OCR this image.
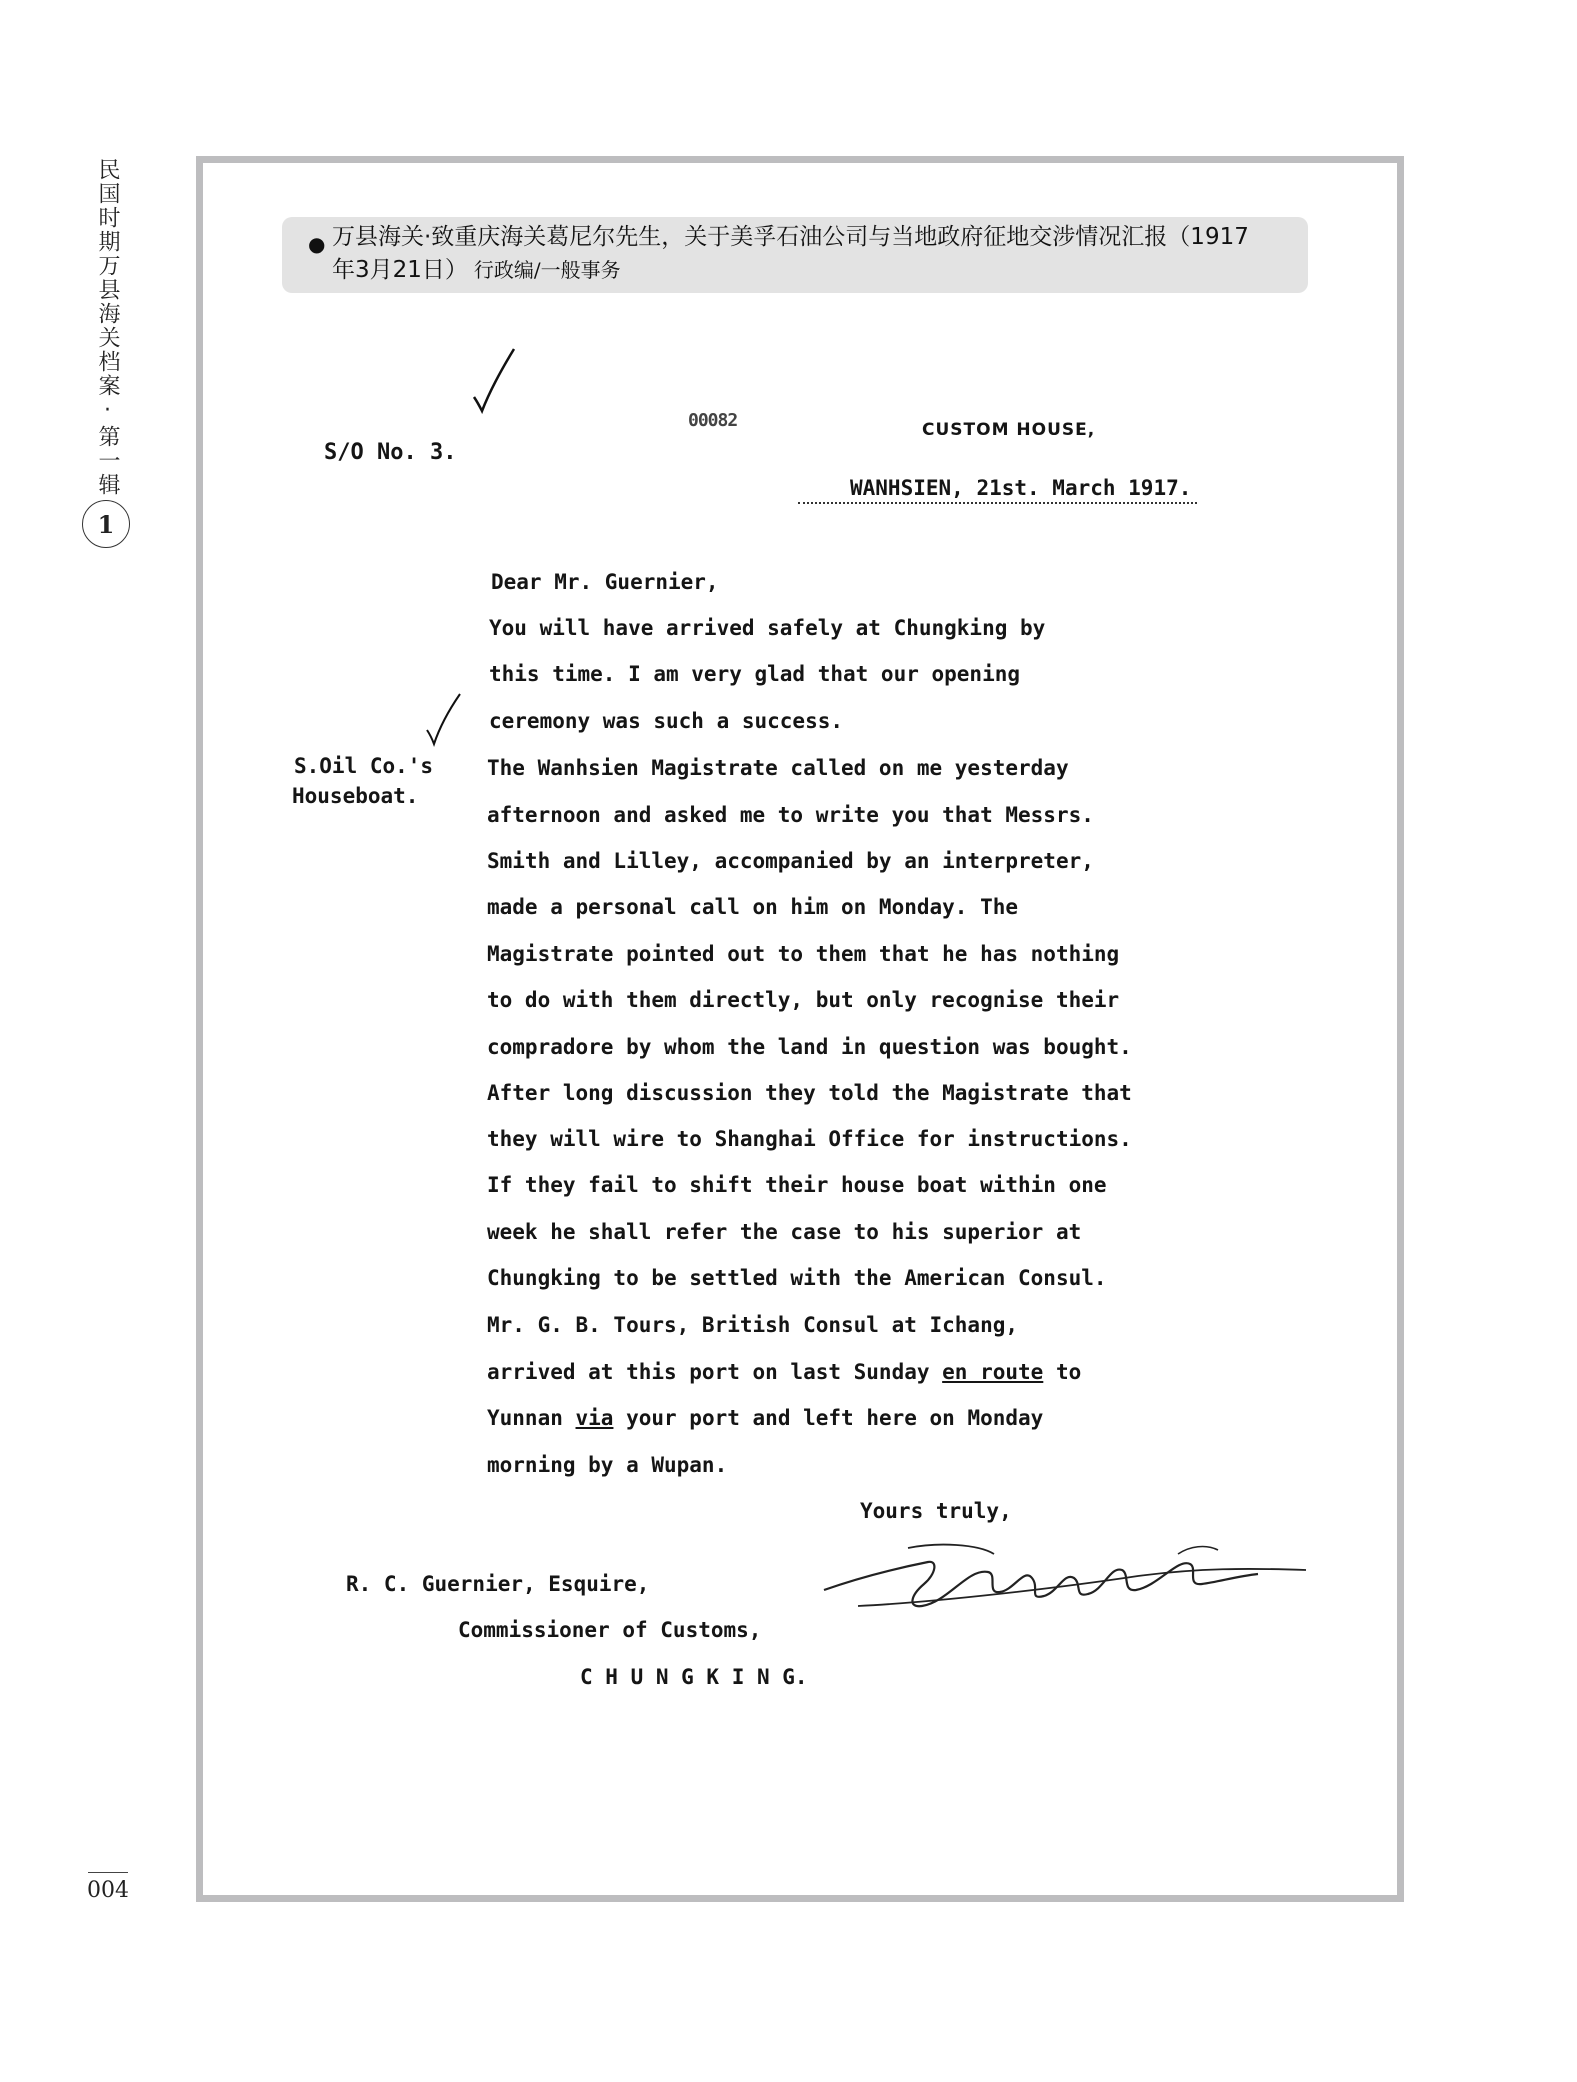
民国时期万县海关档案·第一辑
1
004
● 万县海关·致重庆海关葛尼尔先生，关于美孚石油公司与当地政府征地交涉情况汇报（1917
年3月21日） 行政编/一般事务
S/O No. 3.
00082	CUSTOM HOUSE,
WANHSIEN, 21st. March 1917.
S.Oil Co.'s
Houseboat.
Dear Mr. Guernier,
You will have arrived safely at Chungking by
this time. I am very glad that our opening
ceremony was such a success.
The Wanhsien Magistrate called on me yesterday
afternoon and asked me to write you that Messrs.
Smith and Lilley, accompanied by an interpreter,
made a personal call on him on Monday. The
Magistrate pointed out to them that he has nothing
to do with them directly, but only recognise their
compradore by whom the land in question was bought.
After long discussion they told the Magistrate that
they will wire to Shanghai Office for instructions.
If they fail to shift their house boat within one
week he shall refer the case to his superior at
Chungking to be settled with the American Consul.
Mr. G. B. Tours, British Consul at Ichang,
arrived at this port on last Sunday en route to
Yunnan via your port and left here on Monday
morning by a Wupan.
Yours truly,
R. C. Guernier, Esquire,
Commissioner of Customs,
C H U N G K I N G.
